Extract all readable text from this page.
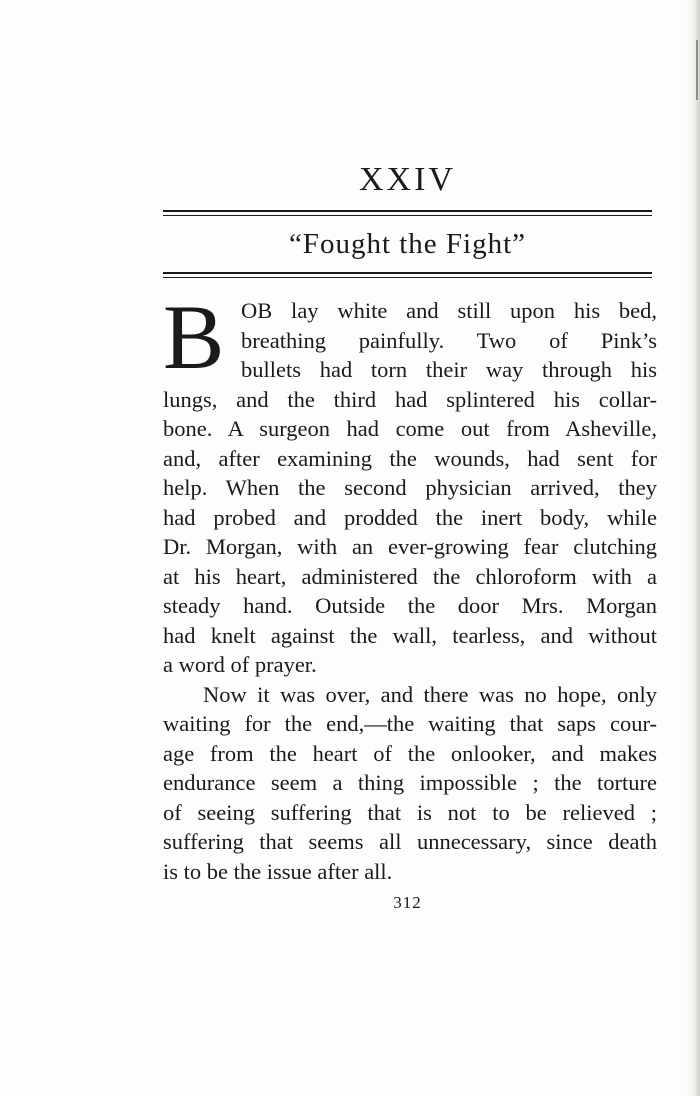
XXIV
“Fought the Fight”
B OB lay white and still upon his bed,
breathing painfully. Two of Pink’s
bullets had torn their way through his
lungs, and the third had splintered his collar-
bone. A surgeon had come out from Asheville,
and, after examining the wounds, had sent for
help. When the second physician arrived, they
had probed and prodded the inert body, while
Dr. Morgan, with an ever-growing fear clutching
at his heart, administered the chloroform with a
steady hand. Outside the door Mrs. Morgan
had knelt against the wall, tearless, and without
a word of prayer.
Now it was over, and there was no hope, only
waiting for the end,—the waiting that saps cour-
age from the heart of the onlooker, and makes
endurance seem a thing impossible ; the torture
of seeing suffering that is not to be relieved ;
suffering that seems all unnecessary, since death
is to be the issue after all.
312
